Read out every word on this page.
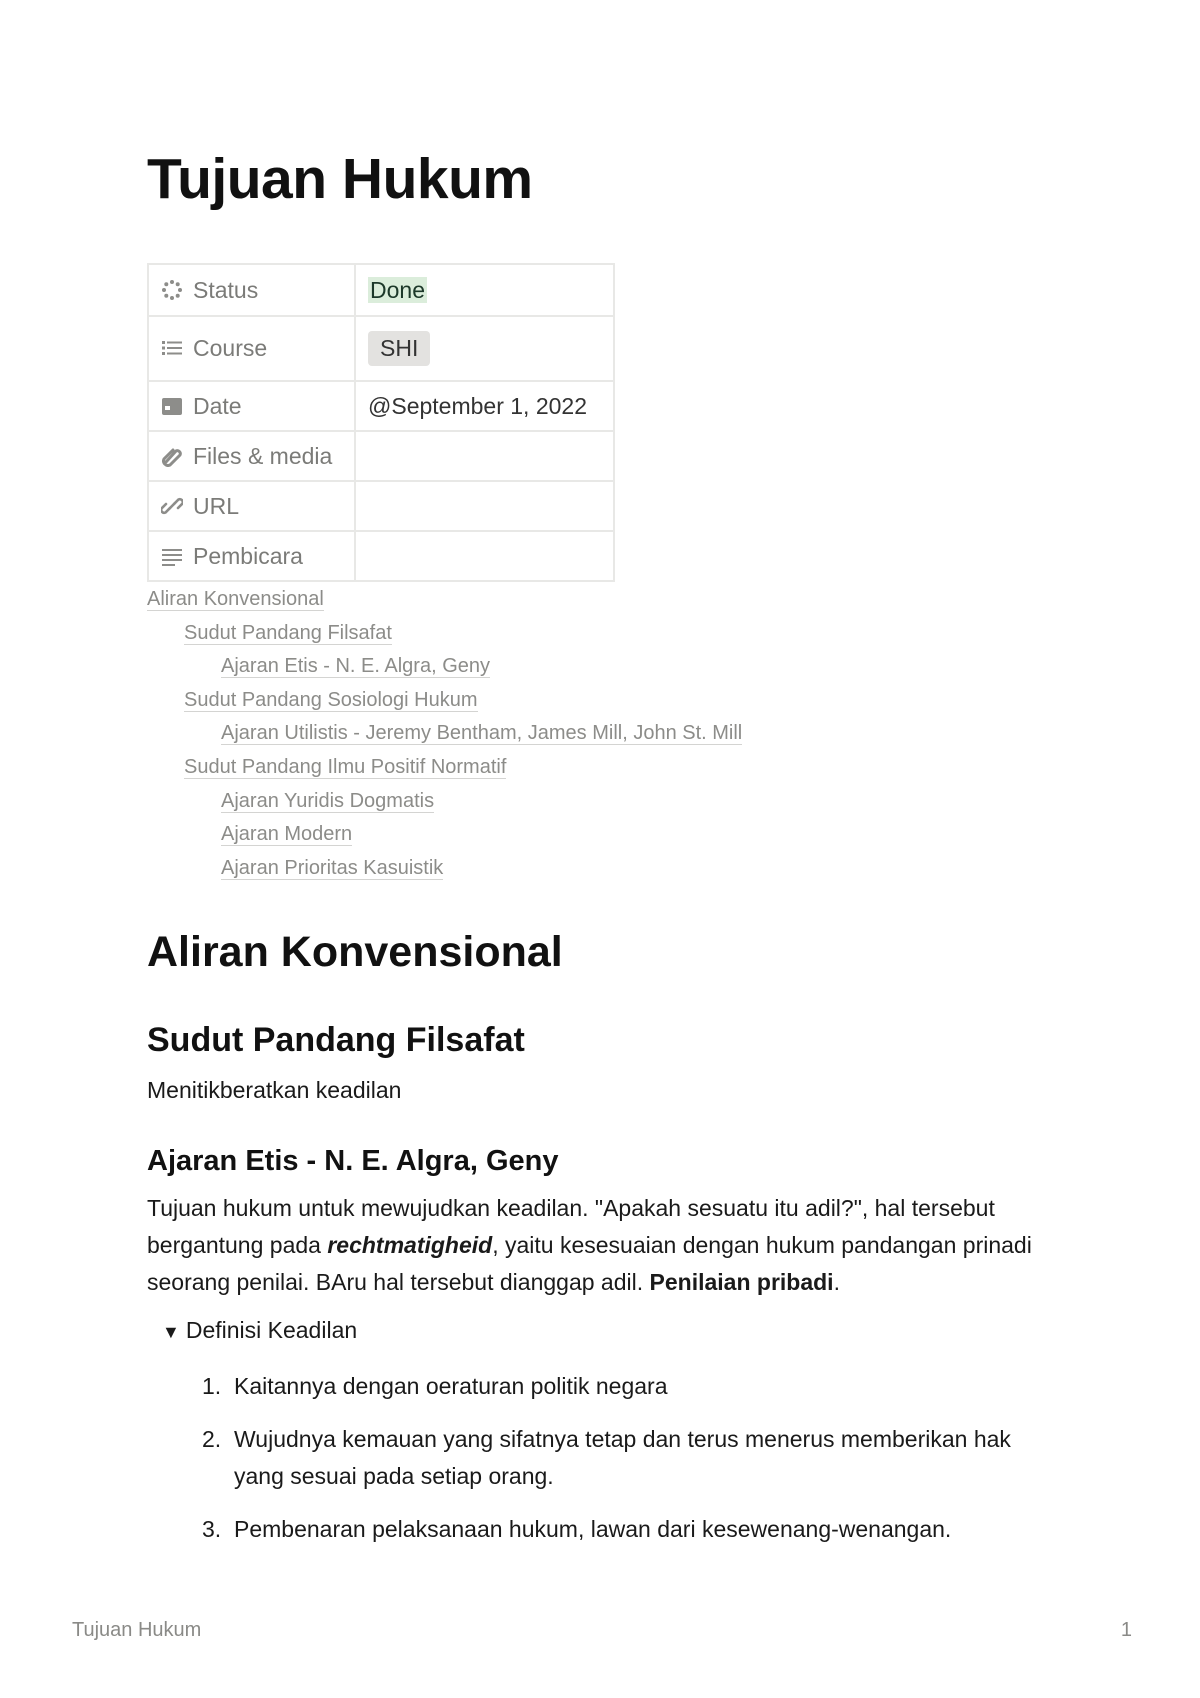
Tujuan Hukum
Status	Done

Course	SHI

Date	@September 1, 2022

Files & media	

URL	

Pembicara	
Aliran Konvensional
Sudut Pandang Filsafat
Ajaran Etis - N. E. Algra, Geny
Sudut Pandang Sosiologi Hukum
Ajaran Utilistis - Jeremy Bentham, James Mill, John St. Mill
Sudut Pandang Ilmu Positif Normatif
Ajaran Yuridis Dogmatis
Ajaran Modern
Ajaran Prioritas Kasuistik
Aliran Konvensional
Sudut Pandang Filsafat

Menitikberatkan keadilan

Ajaran Etis - N. E. Algra, Geny

Tujuan hukum untuk mewujudkan keadilan. "Apakah sesuatu itu adil?", hal tersebut bergantung pada rechtmatigheid, yaitu kesesuaian dengan hukum pandangan prinadi seorang penilai. BAru hal tersebut dianggap adil. Penilaian pribadi.

▼ Definisi Keadilan
1. Kaitannya dengan oeraturan politik negara
2. Wujudnya kemauan yang sifatnya tetap dan terus menerus memberikan hak yang sesuai pada setiap orang.
3. Pembenaran pelaksanaan hukum, lawan dari kesewenang-wenangan.
Tujuan Hukum	1
